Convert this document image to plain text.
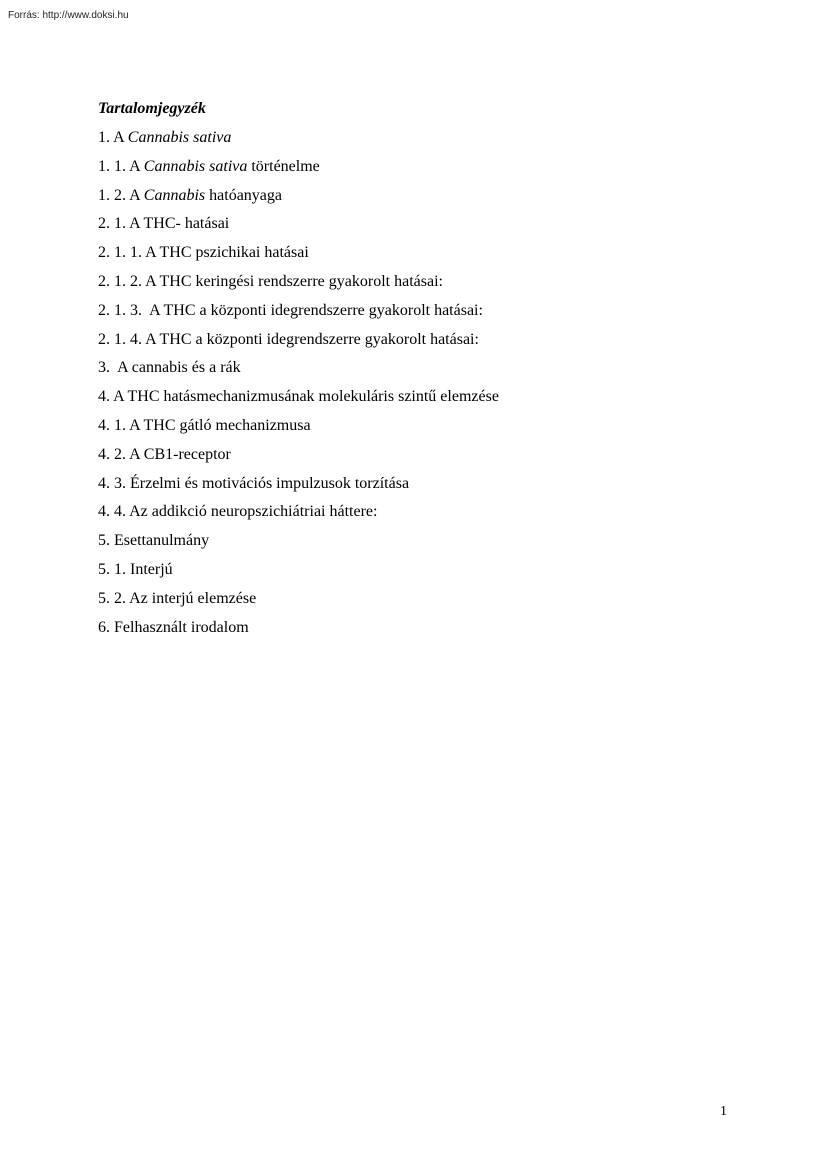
Forrás: http://www.doksi.hu
Tartalomjegyzék
1. A Cannabis sativa
1. 1. A Cannabis sativa történelme
1. 2. A Cannabis hatóanyaga
2. 1. A THC- hatásai
2. 1. 1. A THC pszichikai hatásai
2. 1. 2. A THC keringési rendszerre gyakorolt hatásai:
2. 1. 3.  A THC a központi idegrendszerre gyakorolt hatásai:
2. 1. 4. A THC a központi idegrendszerre gyakorolt hatásai:
3.  A cannabis és a rák
4. A THC hatásmechanizmusának molekuláris szintű elemzése
4. 1. A THC gátló mechanizmusa
4. 2. A CB1-receptor
4. 3. Érzelmi és motivációs impulzusok torzítása
4. 4. Az addikció neuropszichiátriai háttere:
5. Esettanulmány
5. 1. Interjú
5. 2. Az interjú elemzése
6. Felhasznált irodalom
1
